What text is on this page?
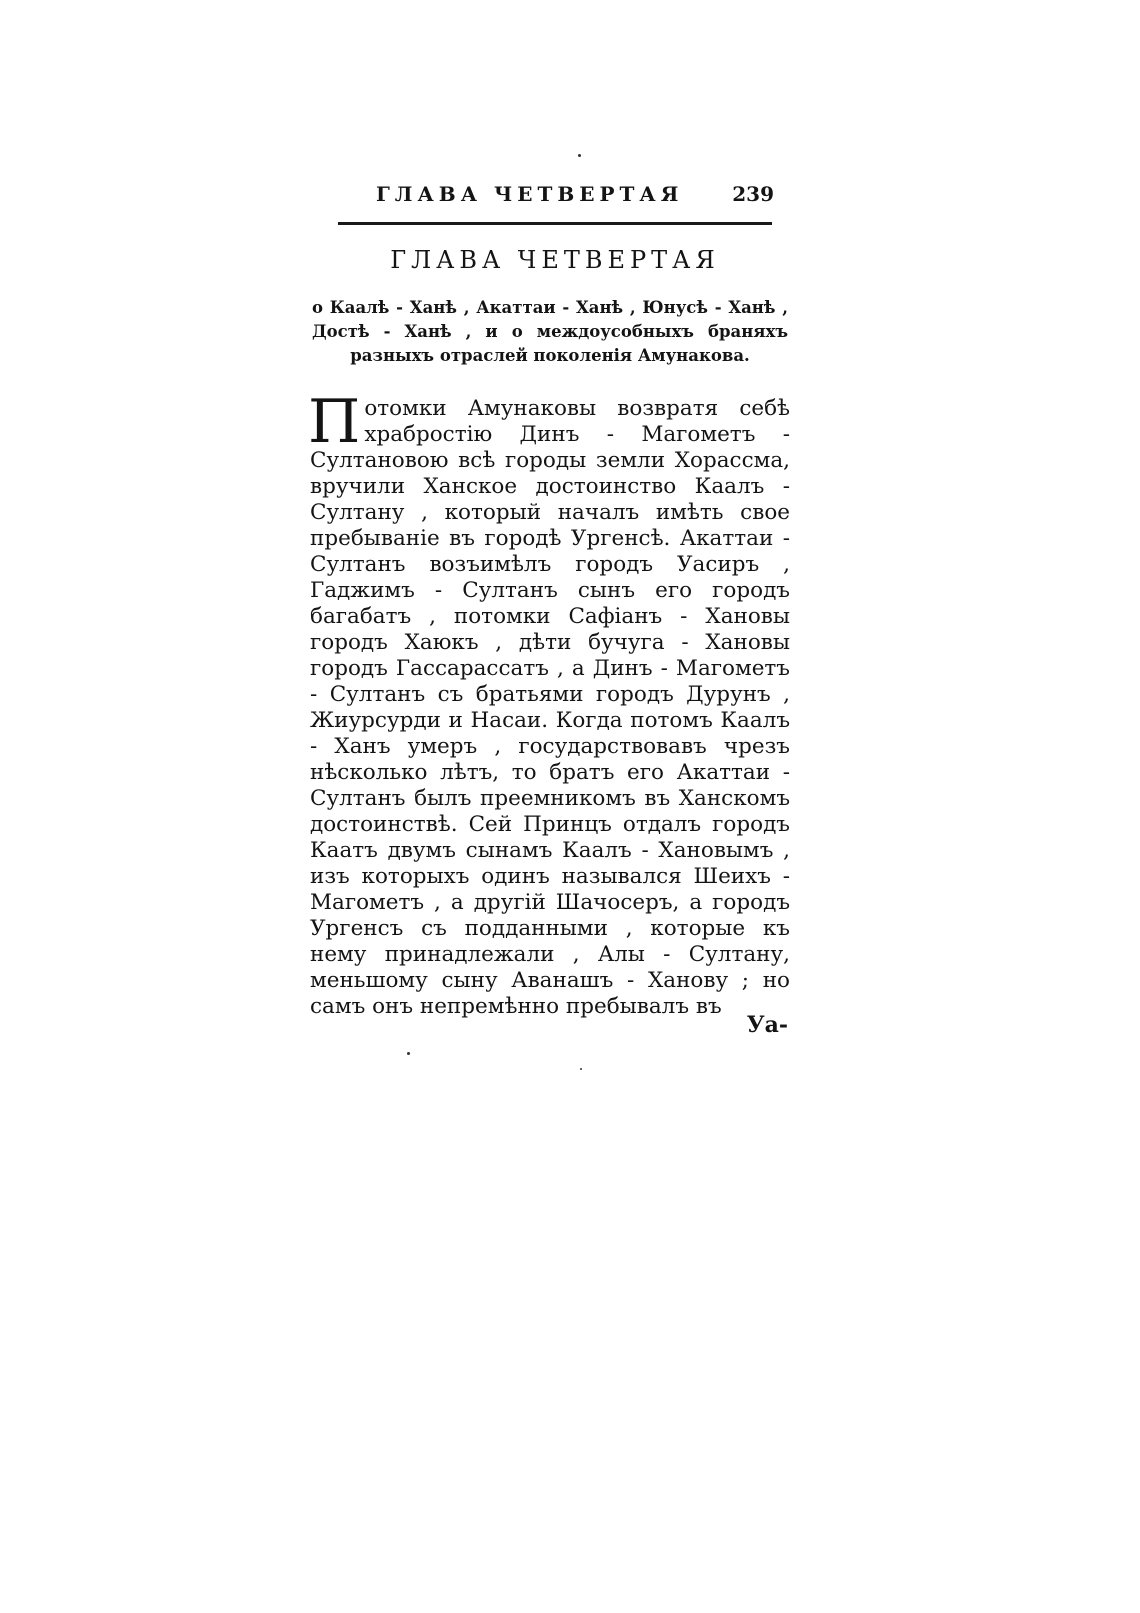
ГЛАВА ЧЕТВЕРТАЯ 239
ГЛАВА ЧЕТВЕРТАЯ
о Каалѣ - Ханѣ , Акаттаи - Ханѣ , Юнусѣ - Ханѣ , Достѣ - Ханѣ , и о междоусобныхъ браняхъ разныхъ отраслей поколенія Амунакова.
П отомки Амунаковы возвратя себѣ храбростію Динъ - Магометъ - Султановою всѣ городы земли Хорассма, вручили Ханское достоинство Каалъ - Султану , который началъ имѣть свое пребываніе въ городѣ Ургенсѣ. Акаттаи - Султанъ возъимѣлъ городъ Уасиръ , Гаджимъ - Султанъ сынъ его городъ багабатъ , потомки Сафіанъ - Хановы городъ Хаюкъ , дѣти бучуга - Хановы городъ Гассарассатъ , а Динъ - Магометъ - Султанъ съ братьями городъ Дурунъ , Жиурсурди и Насаи. Когда потомъ Каалъ - Ханъ умеръ , государствовавъ чрезъ нѣсколько лѣтъ, то братъ его Акаттаи - Султанъ былъ преемникомъ въ Ханскомъ достоинствѣ. Сей Принцъ отдалъ городъ Каатъ двумъ сынамъ Каалъ - Хановымъ , изъ которыхъ одинъ назывался Шеихъ - Магометъ , а другій Шачосеръ, а городъ Ургенсъ съ подданными , которые къ нему принадлежали , Алы - Султану, меньшому сыну Аванашъ - Ханову ; но самъ онъ непремѣнно пребывалъ въ
Уа-
